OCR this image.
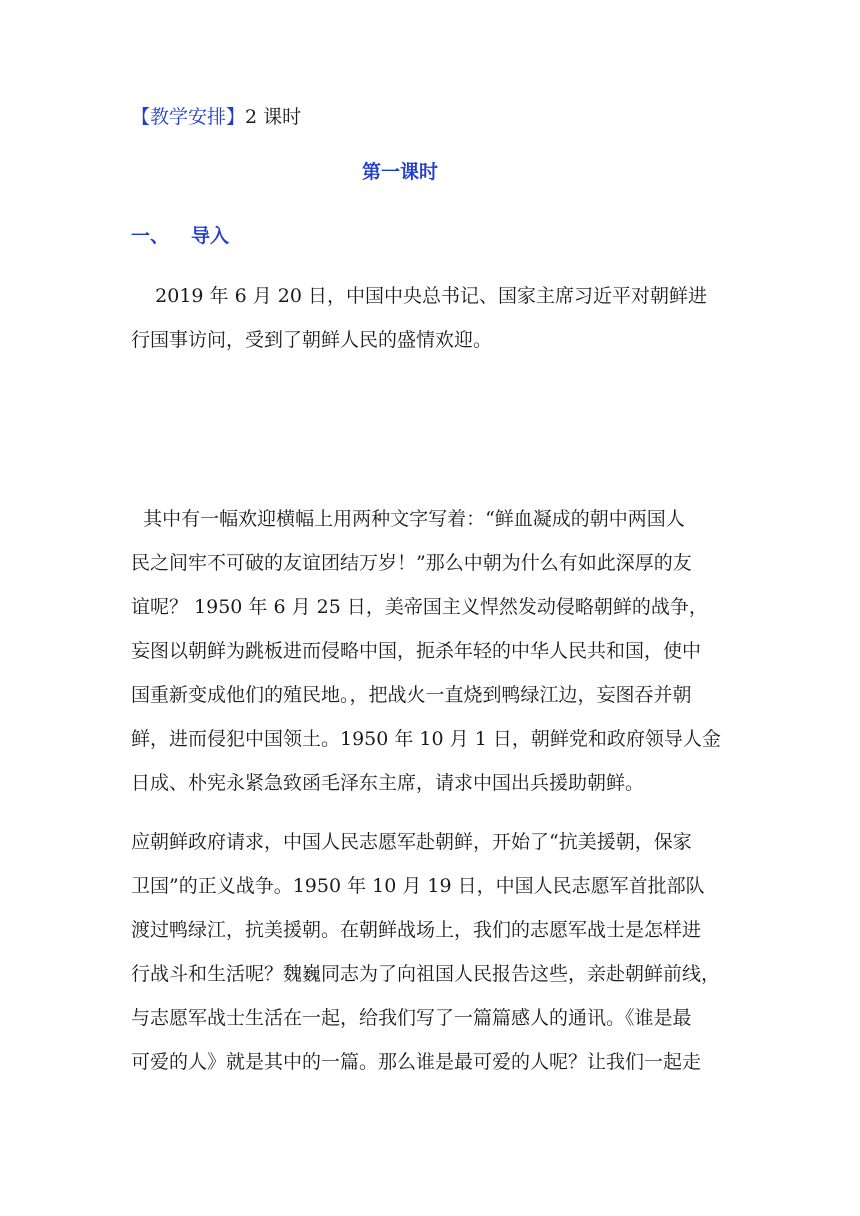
【教学安排】2 课时
第一课时
一、 导入
2019 年 6 月 20 日，中国中央总书记、国家主席习近平对朝鲜进
行国事访问，受到了朝鲜人民的盛情欢迎。
其中有一幅欢迎横幅上用两种文字写着：“鲜血凝成的朝中两国人
民之间牢不可破的友谊团结万岁！”那么中朝为什么有如此深厚的友
谊呢？ 1950 年 6 月 25 日，美帝国主义悍然发动侵略朝鲜的战争，
妄图以朝鲜为跳板进而侵略中国，扼杀年轻的中华人民共和国，使中
国重新变成他们的殖民地。，把战火一直烧到鸭绿江边，妄图吞并朝
鲜，进而侵犯中国领土。1950 年 10 月 1 日，朝鲜党和政府领导人金
日成、朴宪永紧急致函毛泽东主席，请求中国出兵援助朝鲜。
应朝鲜政府请求，中国人民志愿军赴朝鲜，开始了“抗美援朝，保家
卫国”的正义战争。1950 年 10 月 19 日，中国人民志愿军首批部队
渡过鸭绿江，抗美援朝。在朝鲜战场上，我们的志愿军战士是怎样进
行战斗和生活呢？魏巍同志为了向祖国人民报告这些，亲赴朝鲜前线，
与志愿军战士生活在一起，给我们写了一篇篇感人的通讯。《谁是最
可爱的人》就是其中的一篇。那么谁是最可爱的人呢？让我们一起走
